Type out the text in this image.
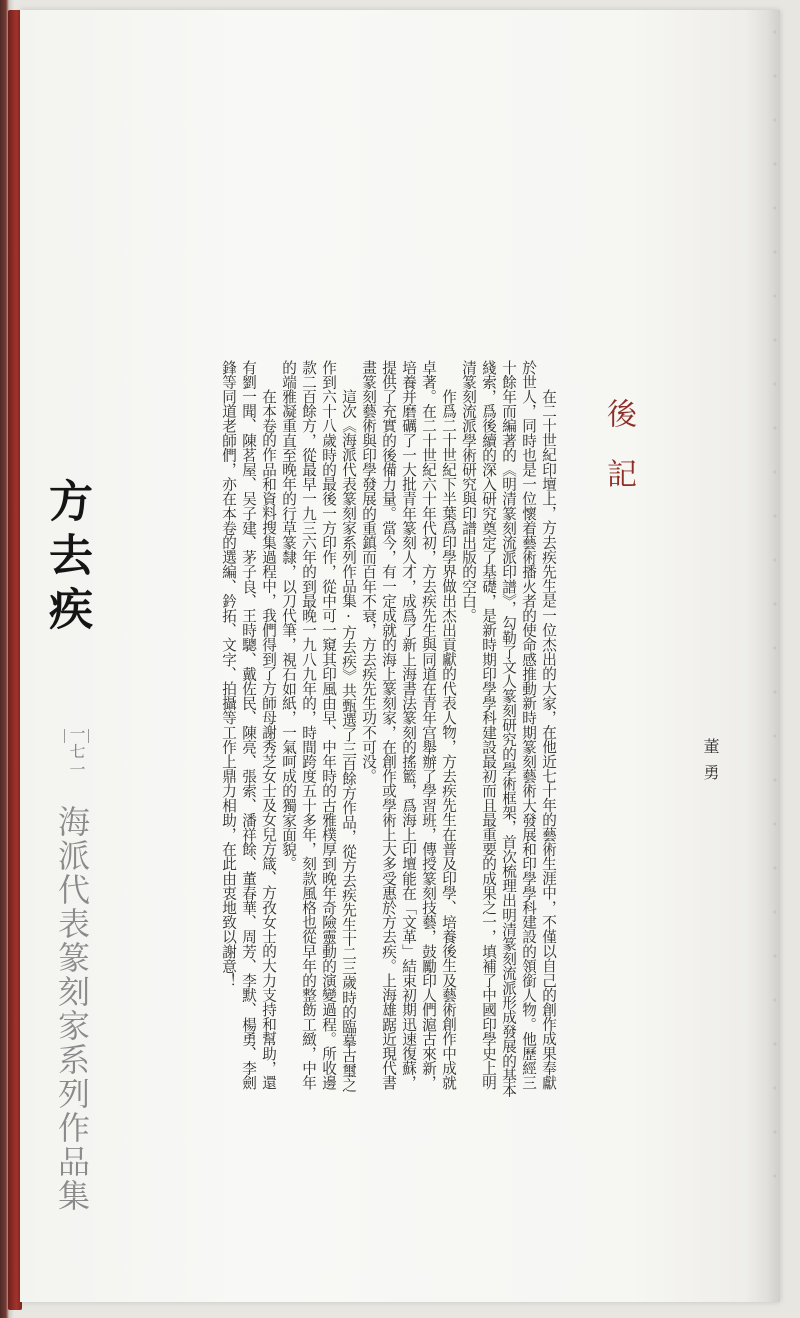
後記
董勇

在二十世紀印壇上，方去疾先生是一位杰出的大家，在他近七十年的藝術生涯中，不僅以自己的創作成果奉獻於世人，同時也是一位懷着藝術播火者的使命感推動新時期篆刻藝術大發展和印學學科建設的領銜人物。他歷經三十餘年而編著的《明清篆刻流派印譜》，勾勒了文人篆刻研究的學術框架，首次梳理出明清篆刻流派形成發展的基本綫索，爲後續的深入研究奠定了基礎，是新時期印學學科建設最初而且最重要的成果之一，填補了中國印學史上明清篆刻流派學術研究與印譜出版的空白。

作爲二十世紀下半葉爲印學界做出杰出貢獻的代表人物，方去疾先生在普及印學、培養後生及藝術創作中成就卓著。在二十世紀六十年代初，方去疾先生與同道在青年宫舉辦了學習班，傳授篆刻技藝，鼓勵印人們滬古來新，培養并磨礪了一大批青年篆刻人才，成爲了新上海書法篆刻的搖籃，爲海上印壇能在「文革」結束初期迅速復蘇，提供了充實的後備力量。當今，有一定成就的海上篆刻家，在創作或學術上大多受惠於方去疾。上海雄踞近現代書畫篆刻藝術與印學發展的重鎮而百年不衰，方去疾先生功不可没。

這次《海派代表篆刻家系列作品集·方去疾》共甄選了三百餘方作品，從方去疾先生十二三歲時的臨摹古璽之作到六十八歲時的最後一方印作，從中可一窺其印風由早、中年時的古雅樸厚到晚年奇險靈動的演變過程。所收邊款二百餘方，從最早一九三六年的到最晚一九八九年的，時間跨度五十多年，刻款風格也從早年的整飭工緻，中年的端雅凝重直至晚年的行草篆隸，以刀代筆，視石如紙，一氣呵成的獨家面貌。

在本卷的作品和資料搜集過程中，我們得到了方師母謝秀芝女士及女兒方箴、方孜女士的大力支持和幫助，還有劉一聞、陳茗屋、吴子建、茅子良、王時驄、戴佐民、陳亮、張索、潘祥餘、董春華、周芳、李默、楊勇、李劍鋒等同道老師們，亦在本卷的選編、鈐拓、文字、拍攝等工作上鼎力相助，在此由衷地致以謝意！

方去疾
一七一
海派代表篆刻家系列作品集
